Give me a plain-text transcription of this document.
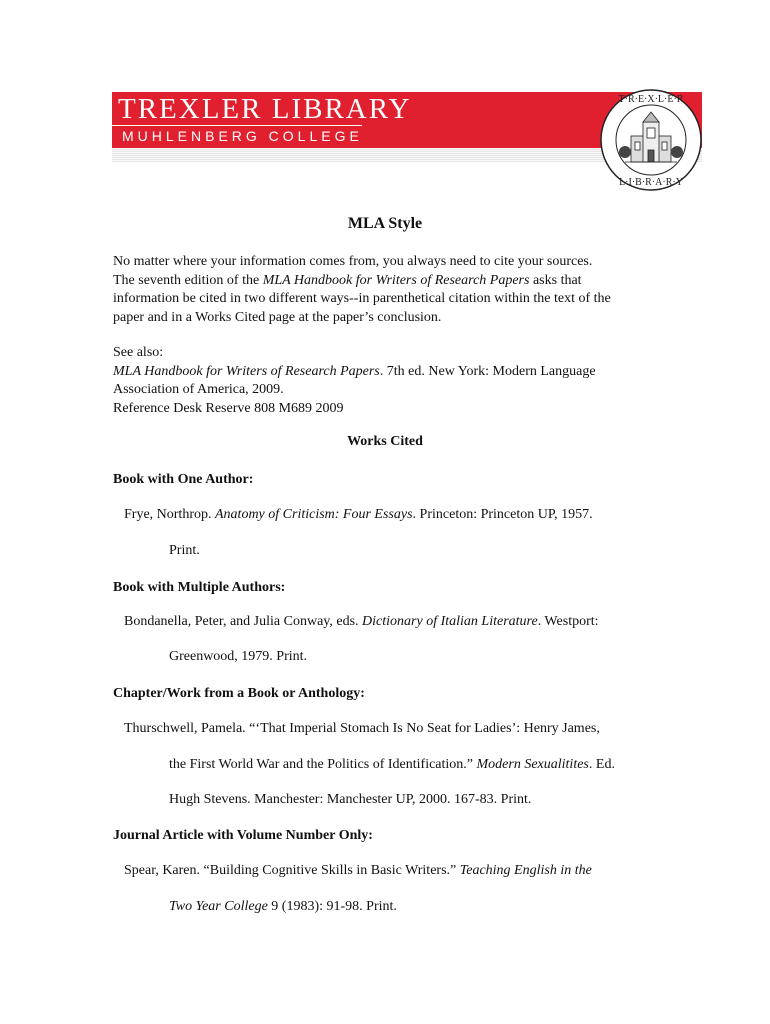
TREXLER LIBRARY
MUHLENBERG COLLEGE
T·R·E·X·L·E·R
L·I·B·R·A·R·Y
MLA Style
No matter where your information comes from, you always need to cite your sources.
The seventh edition of the MLA Handbook for Writers of Research Papers asks that
information be cited in two different ways--in parenthetical citation within the text of the
paper and in a Works Cited page at the paper’s conclusion.
See also:
MLA Handbook for Writers of Research Papers. 7th ed. New York: Modern Language
Association of America, 2009.
Reference Desk Reserve 808 M689 2009
Works Cited
Book with One Author:
Frye, Northrop. Anatomy of Criticism: Four Essays. Princeton: Princeton UP, 1957.
Print.
Book with Multiple Authors:
Bondanella, Peter, and Julia Conway, eds. Dictionary of Italian Literature. Westport:
Greenwood, 1979. Print.
Chapter/Work from a Book or Anthology:
Thurschwell, Pamela. “‘That Imperial Stomach Is No Seat for Ladies’: Henry James,
the First World War and the Politics of Identification.” Modern Sexualitites. Ed.
Hugh Stevens. Manchester: Manchester UP, 2000. 167-83. Print.
Journal Article with Volume Number Only:
Spear, Karen. “Building Cognitive Skills in Basic Writers.” Teaching English in the
Two Year College 9 (1983): 91-98. Print.
